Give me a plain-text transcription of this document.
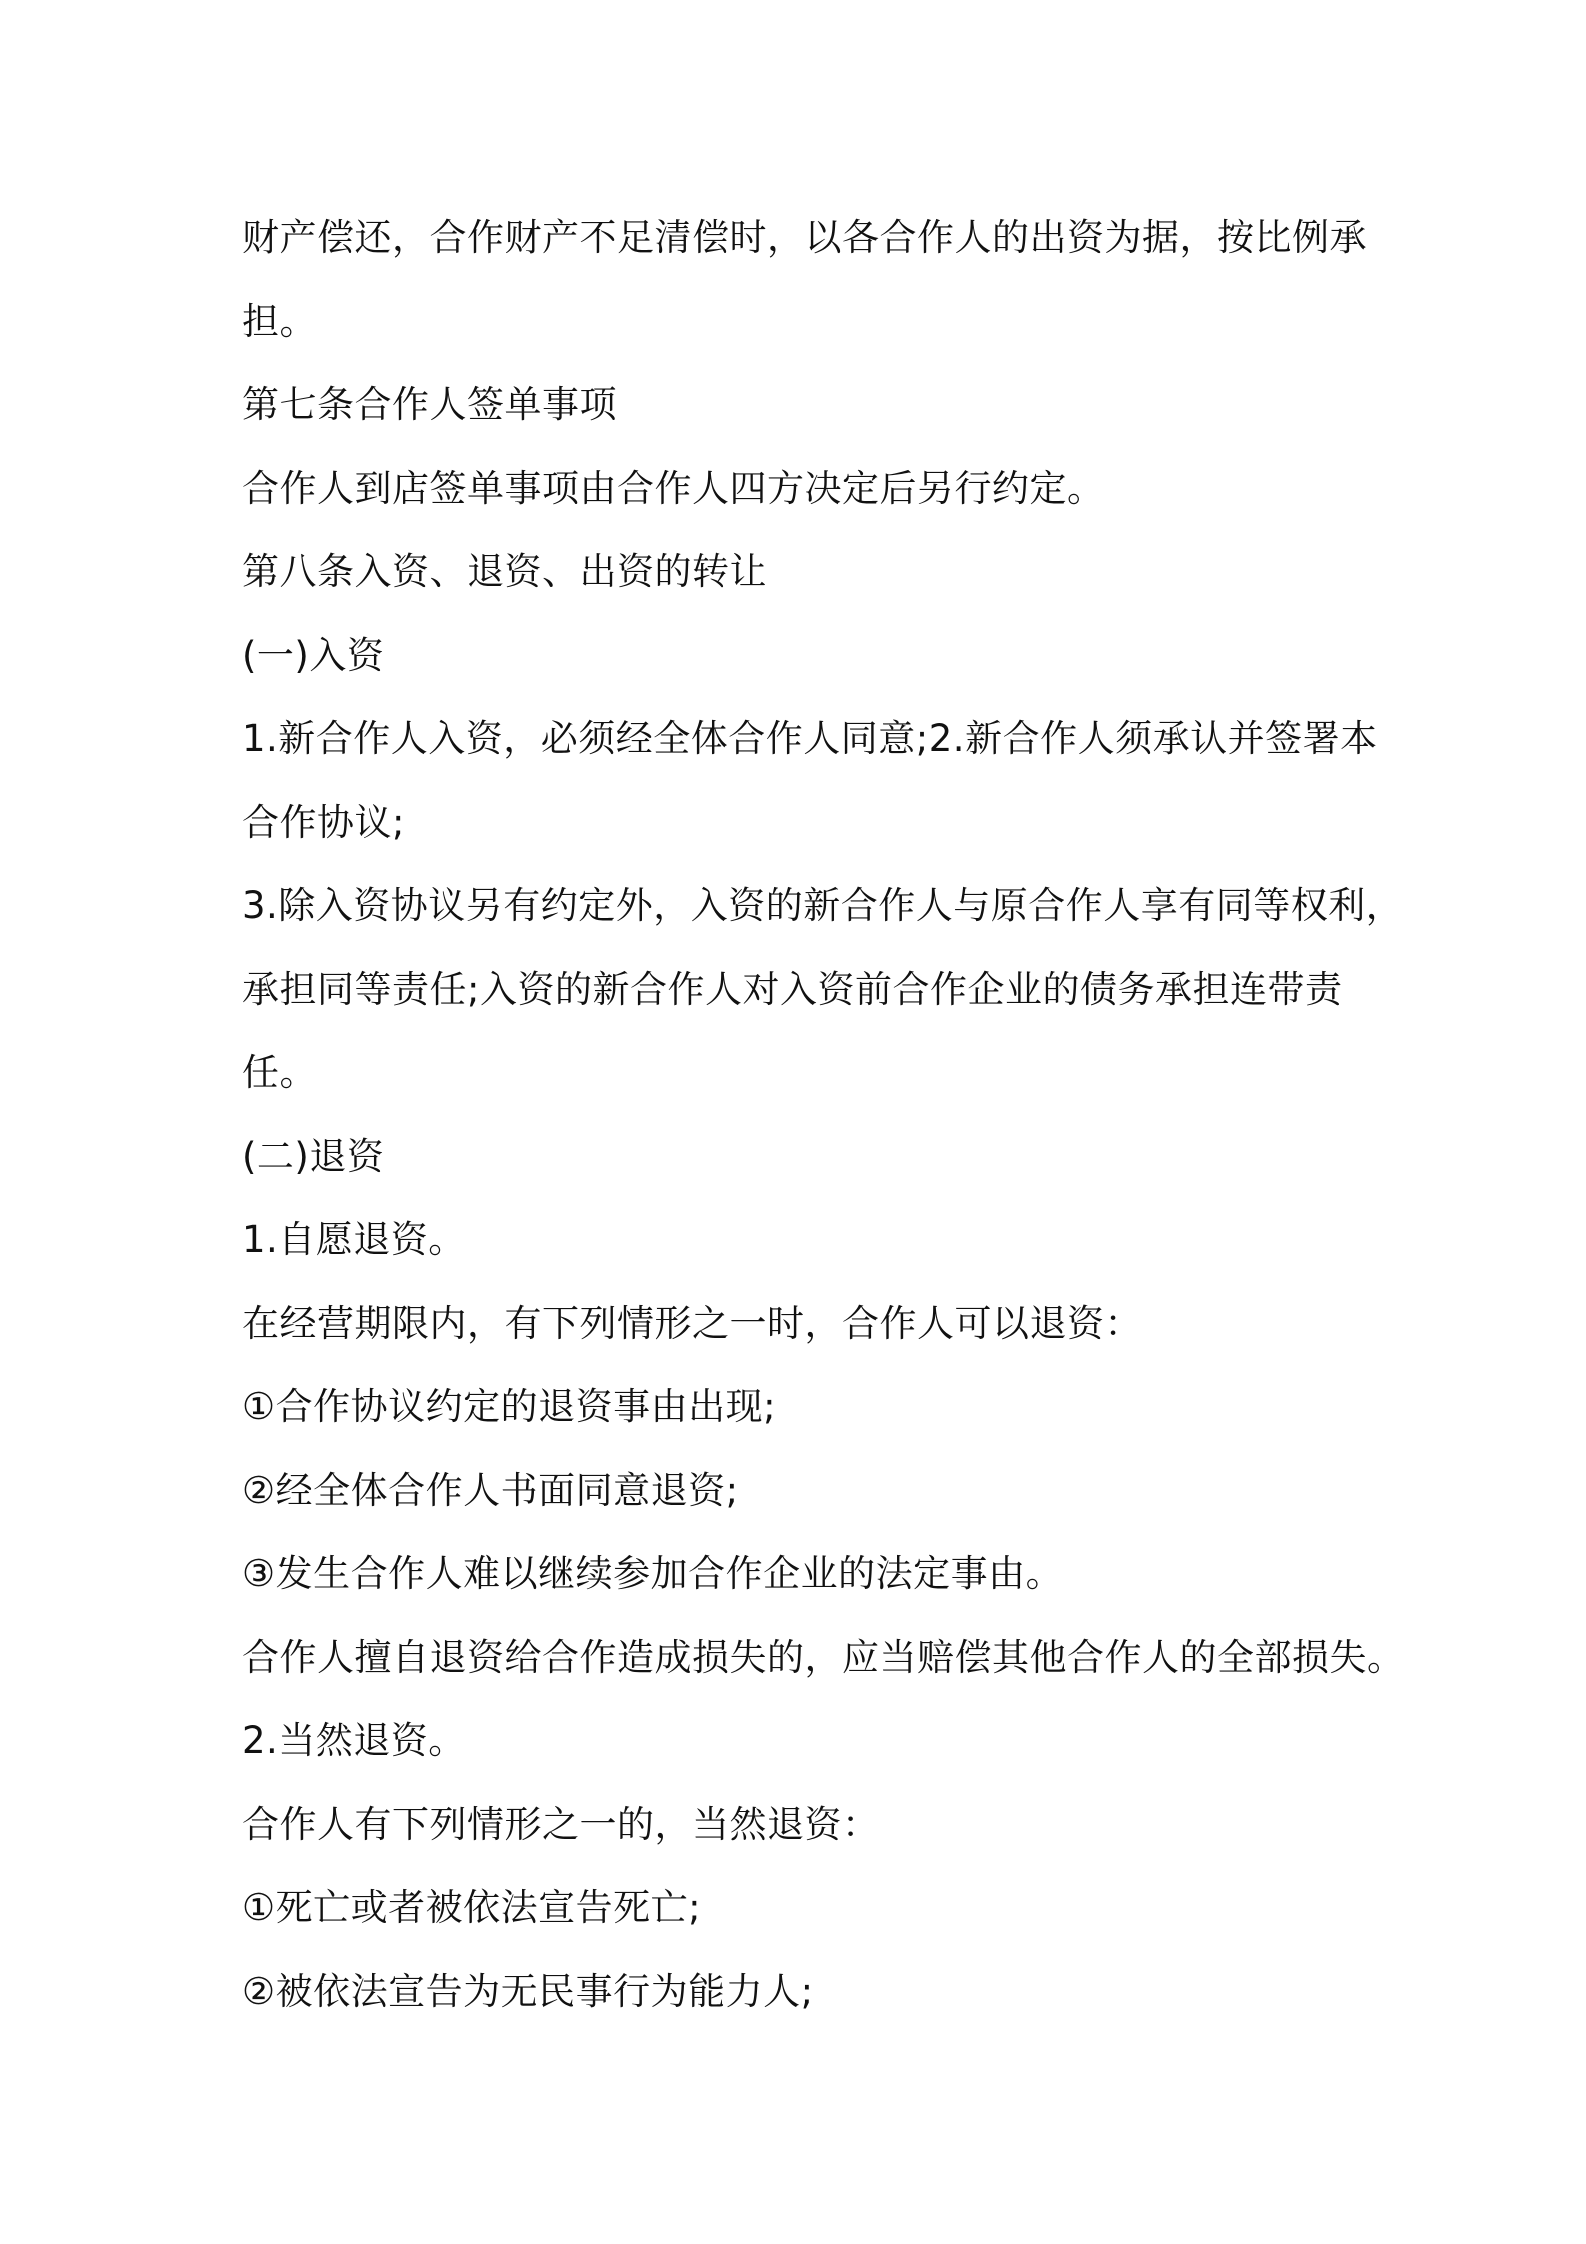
财产偿还，合作财产不足清偿时，以各合作人的出资为据，按比例承
担。
第七条合作人签单事项
合作人到店签单事项由合作人四方决定后另行约定。
第八条入资、退资、出资的转让
(一)入资
1.新合作人入资，必须经全体合作人同意;2.新合作人须承认并签署本
合作协议;
3.除入资协议另有约定外，入资的新合作人与原合作人享有同等权利，
承担同等责任;入资的新合作人对入资前合作企业的债务承担连带责
任。
(二)退资
1.自愿退资。
在经营期限内，有下列情形之一时，合作人可以退资：
①合作协议约定的退资事由出现;
②经全体合作人书面同意退资;
③发生合作人难以继续参加合作企业的法定事由。
合作人擅自退资给合作造成损失的，应当赔偿其他合作人的全部损失。
2.当然退资。
合作人有下列情形之一的，当然退资：
①死亡或者被依法宣告死亡;
②被依法宣告为无民事行为能力人;
